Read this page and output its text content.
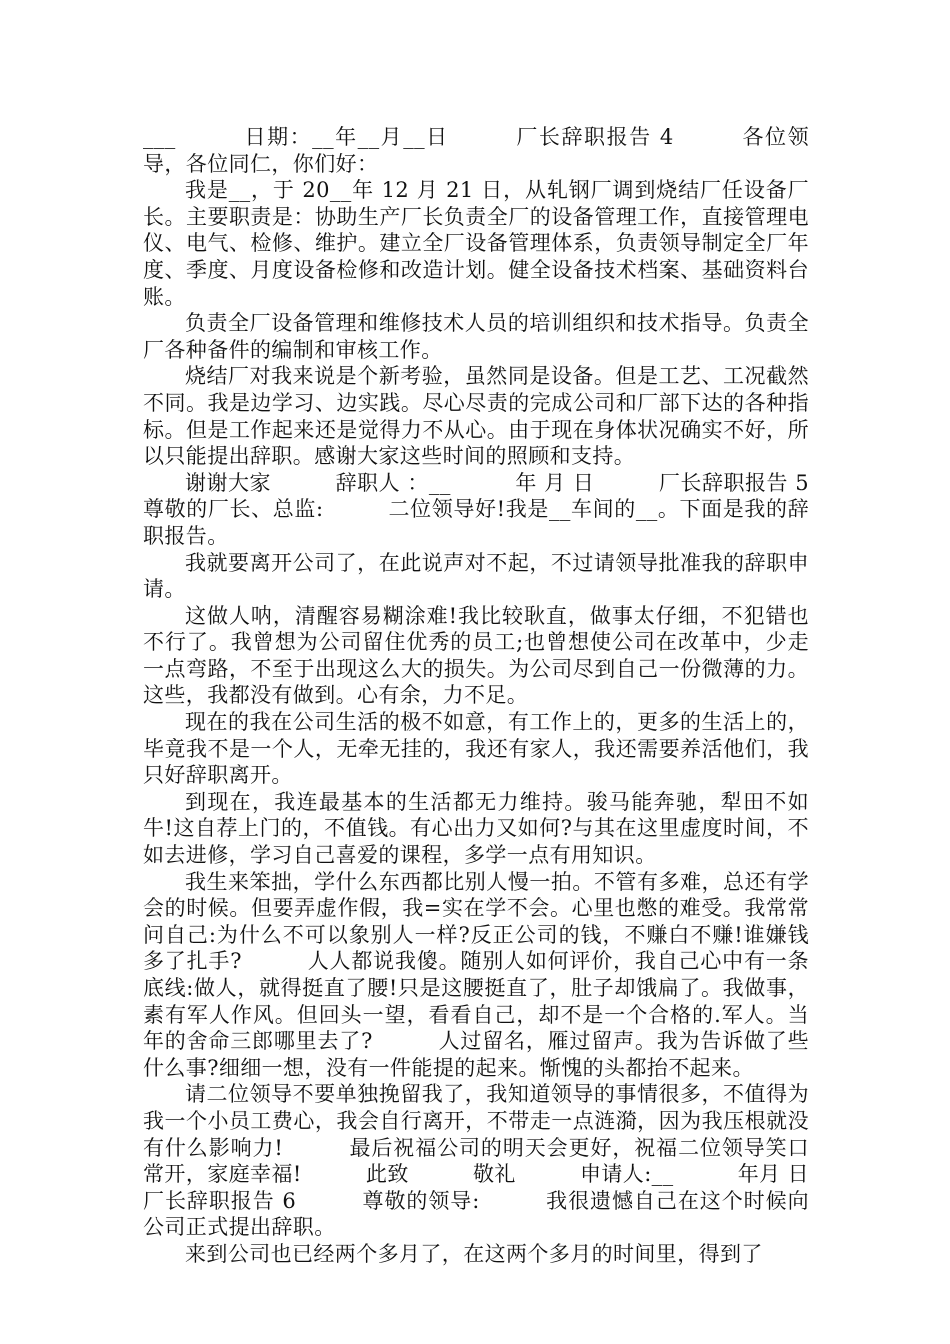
___　　　日期：__年__月__日　　　厂长辞职报告 4　　　各位领导，各位同仁，你们好：

我是__，于 20__年 12 月 21 日，从轧钢厂调到烧结厂任设备厂长。主要职责是：协助生产厂长负责全厂的设备管理工作，直接管理电仪、电气、检修、维护。建立全厂设备管理体系，负责领导制定全厂年度、季度、月度设备检修和改造计划。健全设备技术档案、基础资料台账。

负责全厂设备管理和维修技术人员的培训组织和技术指导。负责全厂各种备件的编制和审核工作。

烧结厂对我来说是个新考验，虽然同是设备。但是工艺、工况截然不同。我是边学习、边实践。尽心尽责的完成公司和厂部下达的各种指标。但是工作起来还是觉得力不从心。由于现在身体状况确实不好，所以只能提出辞职。感谢大家这些时间的照顾和支持。

谢谢大家　　　辞职人 ：__　　　年 月 日　　　厂长辞职报告 5　　尊敬的厂长、总监:　　　二位领导好!我是__车间的__。下面是我的辞职报告。

我就要离开公司了，在此说声对不起，不过请领导批准我的辞职申请。

这做人呐，清醒容易糊涂难!我比较耿直，做事太仔细，不犯错也不行了。我曾想为公司留住优秀的员工;也曾想使公司在改革中，少走一点弯路，不至于出现这么大的损失。为公司尽到自己一份微薄的力。这些，我都没有做到。心有余，力不足。

现在的我在公司生活的极不如意，有工作上的，更多的生活上的，毕竟我不是一个人，无牵无挂的，我还有家人，我还需要养活他们，我只好辞职离开。

到现在，我连最基本的生活都无力维持。骏马能奔驰，犁田不如牛!这自荐上门的，不值钱。有心出力又如何?与其在这里虚度时间，不如去进修，学习自己喜爱的课程，多学一点有用知识。

我生来笨拙，学什么东西都比别人慢一拍。不管有多难，总还有学会的时候。但要弄虚作假，我=实在学不会。心里也憋的难受。我常常问自己:为什么不可以象别人一样?反正公司的钱，不赚白不赚!谁嫌钱多了扎手?　　　人人都说我傻。随别人如何评价，我自己心中有一条底线:做人，就得挺直了腰!只是这腰挺直了，肚子却饿扁了。我做事，素有军人作风。但回头一望，看看自己，却不是一个合格的.军人。当年的舍命三郎哪里去了?　　　人过留名，雁过留声。我为告诉做了些什么事?细细一想，没有一件能提的起来。惭愧的头都抬不起来。

请二位领导不要单独挽留我了，我知道领导的事情很多，不值得为我一个小员工费心，我会自行离开，不带走一点涟漪，因为我压根就没有什么影响力!　　　最后祝福公司的明天会更好，祝福二位领导笑口常开，家庭幸福!　　　此致　　　敬礼　　　申请人:__　　　年月 日　　　厂长辞职报告 6　　　尊敬的领导:　　　我很遗憾自己在这个时候向公司正式提出辞职。

来到公司也已经两个多月了，在这两个多月的时间里，得到了
